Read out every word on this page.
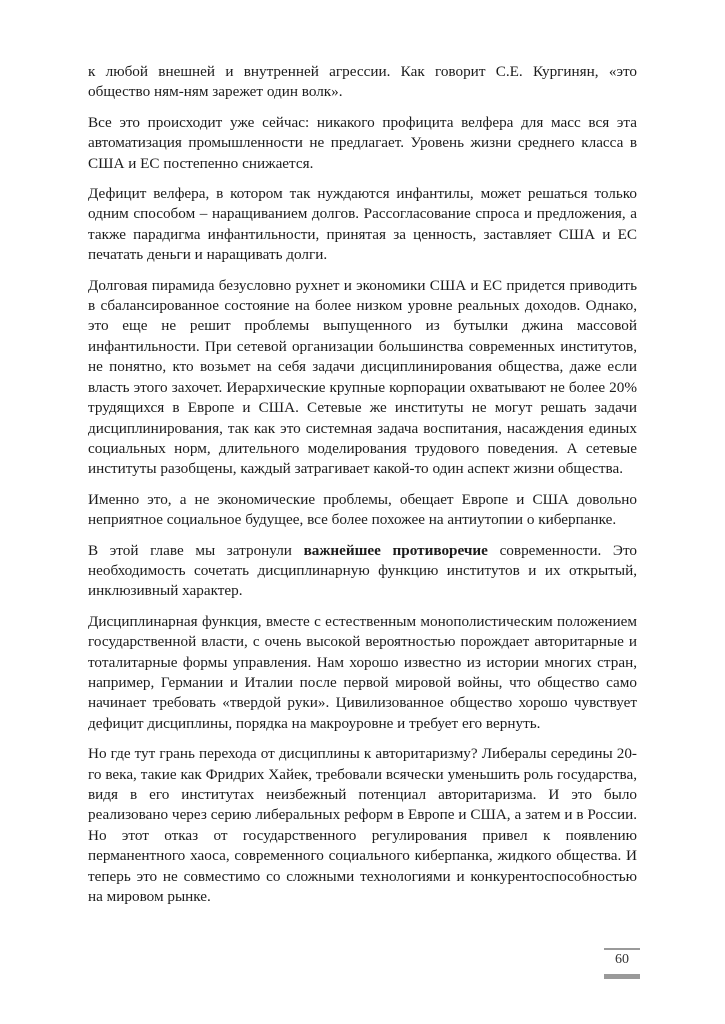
к любой внешней и внутренней агрессии. Как говорит С.Е. Кургинян, «это общество ням-ням зарежет один волк».

Все это происходит уже сейчас: никакого профицита велфера для масс вся эта автоматизация промышленности не предлагает. Уровень жизни среднего класса в США и ЕС постепенно снижается.

Дефицит велфера, в котором так нуждаются инфантилы, может решаться только одним способом – наращиванием долгов. Рассогласование спроса и предложения, а также парадигма инфантильности, принятая за ценность, заставляет США и ЕС печатать деньги и наращивать долги.

Долговая пирамида безусловно рухнет и экономики США и ЕС придется приводить в сбалансированное состояние на более низком уровне реальных доходов. Однако, это еще не решит проблемы выпущенного из бутылки джина массовой инфантильности. При сетевой организации большинства современных институтов, не понятно, кто возьмет на себя задачи дисциплинирования общества, даже если власть этого захочет. Иерархические крупные корпорации охватывают не более 20% трудящихся в Европе и США. Сетевые же институты не могут решать задачи дисциплинирования, так как это системная задача воспитания, насаждения единых социальных норм, длительного моделирования трудового поведения. А сетевые институты разобщены, каждый затрагивает какой-то один аспект жизни общества.

Именно это, а не экономические проблемы, обещает Европе и США довольно неприятное социальное будущее, все более похожее на антиутопии о киберпанке.

В этой главе мы затронули важнейшее противоречие современности. Это необходимость сочетать дисциплинарную функцию институтов и их открытый, инклюзивный характер.

Дисциплинарная функция, вместе с естественным монополистическим положением государственной власти, с очень высокой вероятностью порождает авторитарные и тоталитарные формы управления. Нам хорошо известно из истории многих стран, например, Германии и Италии после первой мировой войны, что общество само начинает требовать «твердой руки». Цивилизованное общество хорошо чувствует дефицит дисциплины, порядка на макроуровне и требует его вернуть.

Но где тут грань перехода от дисциплины к авторитаризму? Либералы середины 20-го века, такие как Фридрих Хайек, требовали всячески уменьшить роль государства, видя в его институтах неизбежный потенциал авторитаризма. И это было реализовано через серию либеральных реформ в Европе и США, а затем и в России. Но этот отказ от государственного регулирования привел к появлению перманентного хаоса, современного социального киберпанка, жидкого общества. И теперь это не совместимо со сложными технологиями и конкурентоспособностью на мировом рынке.

60
